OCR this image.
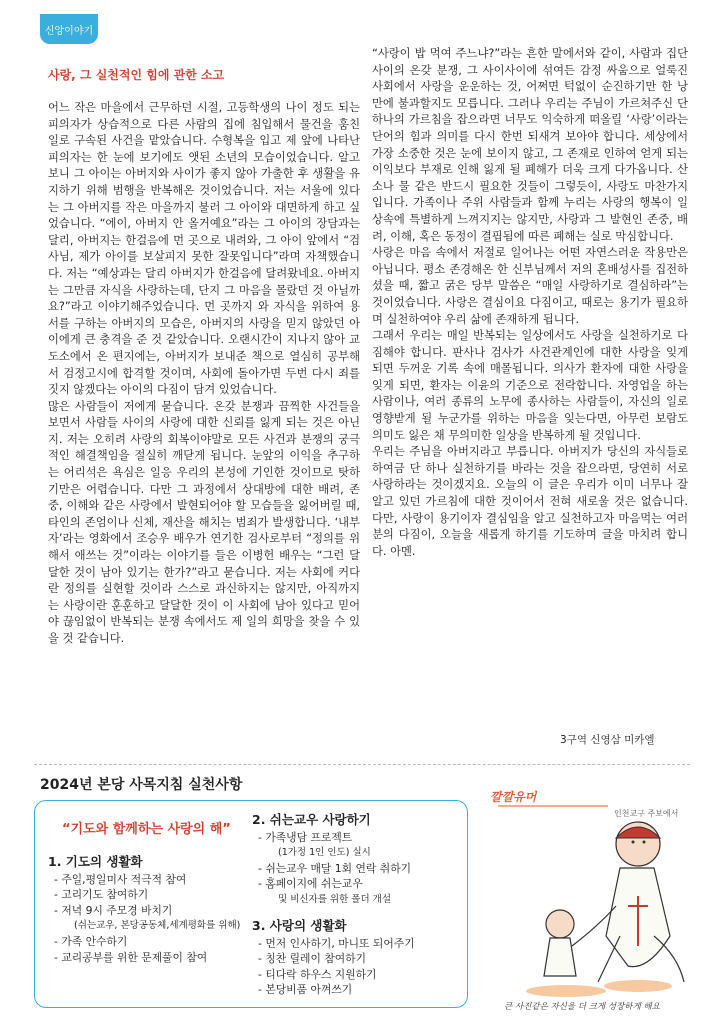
신앙이야기
사랑, 그 실천적인 힘에 관한 소고

어느 작은 마을에서 근무하던 시절, 고등학생의 나이 정도 되는 피의자가 상습적으로 다른 사람의 집에 침입해서 물건을 훔친 일로 구속된 사건을 맡았습니다. 수형복을 입고 제 앞에 나타난 피의자는 한 눈에 보기에도 앳된 소년의 모습이었습니다. 알고 보니 그 아이는 아버지와 사이가 좋지 않아 가출한 후 생활을 유지하기 위해 범행을 반복해온 것이었습니다. 저는 서울에 있다는 그 아버지를 작은 마을까지 불러 그 아이와 대면하게 하고 싶었습니다. “에이, 아버지 안 올거예요”라는 그 아이의 장담과는 달리, 아버지는 한걸음에 먼 곳으로 내려와, 그 아이 앞에서 “검사님, 제가 아이를 보살피지 못한 잘못입니다”라며 자책했습니다. 저는 “예상과는 달리 아버지가 한걸음에 달려왔네요. 아버지는 그만큼 자식을 사랑하는데, 단지 그 마음을 몰랐던 것 아닐까요?”라고 이야기해주었습니다. 먼 곳까지 와 자식을 위하여 용서를 구하는 아버지의 모습은, 아버지의 사랑을 믿지 않았던 아이에게 큰 충격을 준 것 같았습니다. 오랜시간이 지나지 않아 교도소에서 온 편지에는, 아버지가 보내준 책으로 열심히 공부해서 검정고시에 합격할 것이며, 사회에 돌아가면 두번 다시 죄를 짓지 않겠다는 아이의 다짐이 담겨 있었습니다.

많은 사람들이 저에게 묻습니다. 온갖 분쟁과 끔찍한 사건들을 보면서 사람들 사이의 사랑에 대한 신뢰를 잃게 되는 것은 아닌지. 저는 오히려 사랑의 회복이야말로 모든 사건과 분쟁의 궁극적인 해결책임을 절실히 깨닫게 됩니다. 눈앞의 이익을 추구하는 어리석은 욕심은 일응 우리의 본성에 기인한 것이므로 탓하기만은 어렵습니다. 다만 그 과정에서 상대방에 대한 배려, 존중, 이해와 같은 사랑에서 발현되어야 할 모습들을 잃어버릴 때, 타인의 존엄이나 신체, 재산을 해치는 범죄가 발생합니다. ‘내부자’라는 영화에서 조승우 배우가 연기한 검사로부터 “정의를 위해서 애쓰는 것”이라는 이야기를 들은 이병헌 배우는 “그런 달달한 것이 남아 있기는 한가?”라고 묻습니다. 저는 사회에 커다란 정의를 실현할 것이라 스스로 과신하지는 않지만, 아직까지는 사랑이란 훈훈하고 달달한 것이 이 사회에 남아 있다고 믿어야 끊임없이 반복되는 분쟁 속에서도 제 일의 희망을 찾을 수 있을 것 같습니다.

“사랑이 밥 먹여 주느냐?”라는 흔한 말에서와 같이, 사람과 집단 사이의 온갖 분쟁, 그 사이사이에 섞여든 감정 싸움으로 얼룩진 사회에서 사랑을 운운하는 것, 어쩌면 턱없이 순진하기만 한 낭만에 불과할지도 모릅니다. 그러나 우리는 주님이 가르쳐주신 단 하나의 가르침을 잡으라면 너무도 익숙하게 떠올릴 ‘사랑’이라는 단어의 힘과 의미를 다시 한번 되새겨 보아야 합니다. 세상에서 가장 소중한 것은 눈에 보이지 않고, 그 존재로 인하여 얻게 되는 이익보다 부재로 인해 잃게 될 폐해가 더욱 크게 다가옵니다. 산소나 물 같은 반드시 필요한 것들이 그렇듯이, 사랑도 마찬가지입니다. 가족이나 주위 사람들과 함께 누리는 사랑의 행복이 일상속에 특별하게 느껴지지는 않지만, 사랑과 그 발현인 존중, 배려, 이해, 혹은 동정이 결핍됨에 따른 폐해는 실로 막심합니다.

사랑은 마음 속에서 저절로 일어나는 어떤 자연스러운 작용만은 아닙니다. 평소 존경해온 한 신부님께서 저의 혼배성사를 집전하셨을 때, 짧고 굵은 당부 말씀은 “매일 사랑하기로 결심하라”는 것이었습니다. 사랑은 결심이요 다짐이고, 때로는 용기가 필요하며 실천하여야 우리 삶에 존재하게 됩니다.

그래서 우리는 매일 반복되는 일상에서도 사랑을 실천하기로 다짐해야 합니다. 판사나 검사가 사건관계인에 대한 사랑을 잊게 되면 두꺼운 기록 속에 매몰됩니다. 의사가 환자에 대한 사랑을 잊게 되면, 환자는 이윤의 기준으로 전락합니다. 자영업을 하는 사람이나, 여러 종류의 노무에 종사하는 사람들이, 자신의 일로 영향받게 될 누군가를 위하는 마음을 잊는다면, 아무런 보람도 의미도 잃은 채 무의미한 일상을 반복하게 될 것입니다.

우리는 주님을 아버지라고 부릅니다. 아버지가 당신의 자식들로 하여금 단 하나 실천하기를 바라는 것을 잡으라면, 당연히 서로 사랑하라는 것이겠지요. 오늘의 이 글은 우리가 이미 너무나 잘 알고 있던 가르침에 대한 것이어서 전혀 새로울 것은 없습니다. 다만, 사랑이 용기이자 결심임을 알고 실천하고자 마음먹는 여러분의 다짐이, 오늘을 새롭게 하기를 기도하며 글을 마치려 합니다. 아멘.

3구역 신영삼 미카엘
2024년 본당 사목지침 실천사항
“기도와 함께하는 사랑의 해”
1. 기도의 생활화
- 주일,평일미사 적극적 참여
- 고리기도 참여하기
- 저녁 9시 주모경 바치기
(쉬는교우, 본당공동체,세계평화를 위해)
- 가족 안수하기
- 교리공부를 위한 문제풀이 참여
2. 쉬는교우 사랑하기
- 가족냉담 프로젝트
(1가정 1인 인도) 실시
- 쉬는교우 매달 1회 연락 취하기
- 홈페이지에 쉬는교우
및 비신자를 위한 폴더 개설
3. 사랑의 생활화
- 먼저 인사하기, 마니또 되어주기
- 칭찬 릴레이 참여하기
- 티다락 하우스 지원하기
- 본당비품 아껴쓰기
깔깔유머
인천교구 주보에서
큰 사진같은 자신을 더 크게 성장하게 해요
